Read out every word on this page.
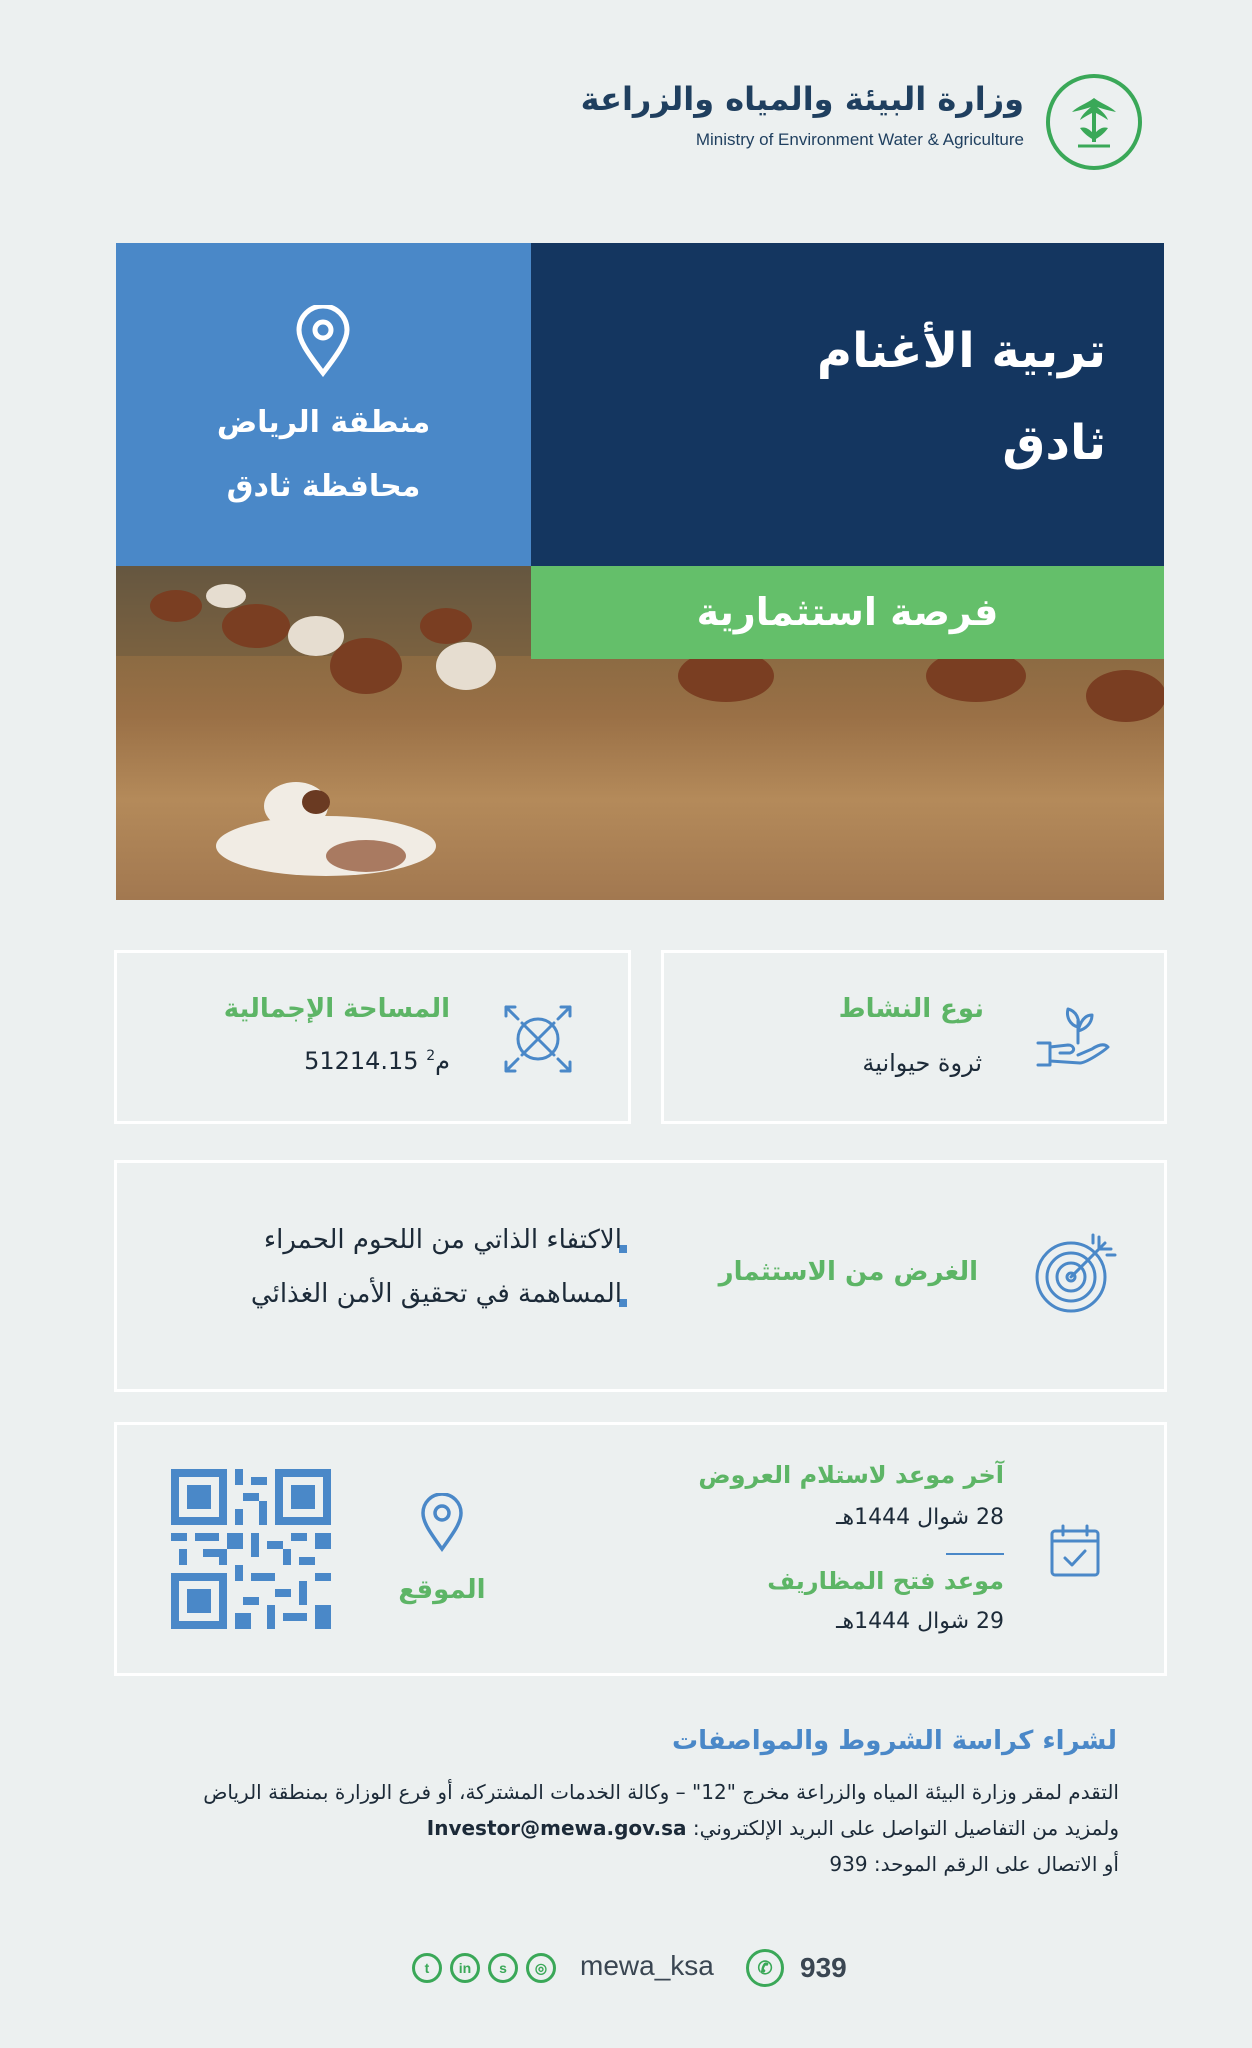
وزارة البيئة والمياه والزراعة
Ministry of Environment Water & Agriculture
تربية الأغنام
ثادق
منطقة الرياض
محافظة ثادق
فرصة استثمارية
نوع النشاط
ثروة حيوانية
المساحة الإجمالية
م$^2$ 51214.15
الغرض من الاستثمار
الاكتفاء الذاتي من اللحوم الحمراء
المساهمة في تحقيق الأمن الغذائي
آخر موعد لاستلام العروض
28 شوال 1444هـ
موعد فتح المظاريف
29 شوال 1444هـ
الموقع
لشراء كراسة الشروط والمواصفات
التقدم لمقر وزارة البيئة المياه والزراعة مخرج "12" – وكالة الخدمات المشتركة، أو فرع الوزارة بمنطقة الرياض
ولمزيد من التفاصيل التواصل على البريد الإلكتروني: Investor@mewa.gov.sa
أو الاتصال على الرقم الموحد: 939
t	in	s	◎	mewa_ksa	✆ 939
